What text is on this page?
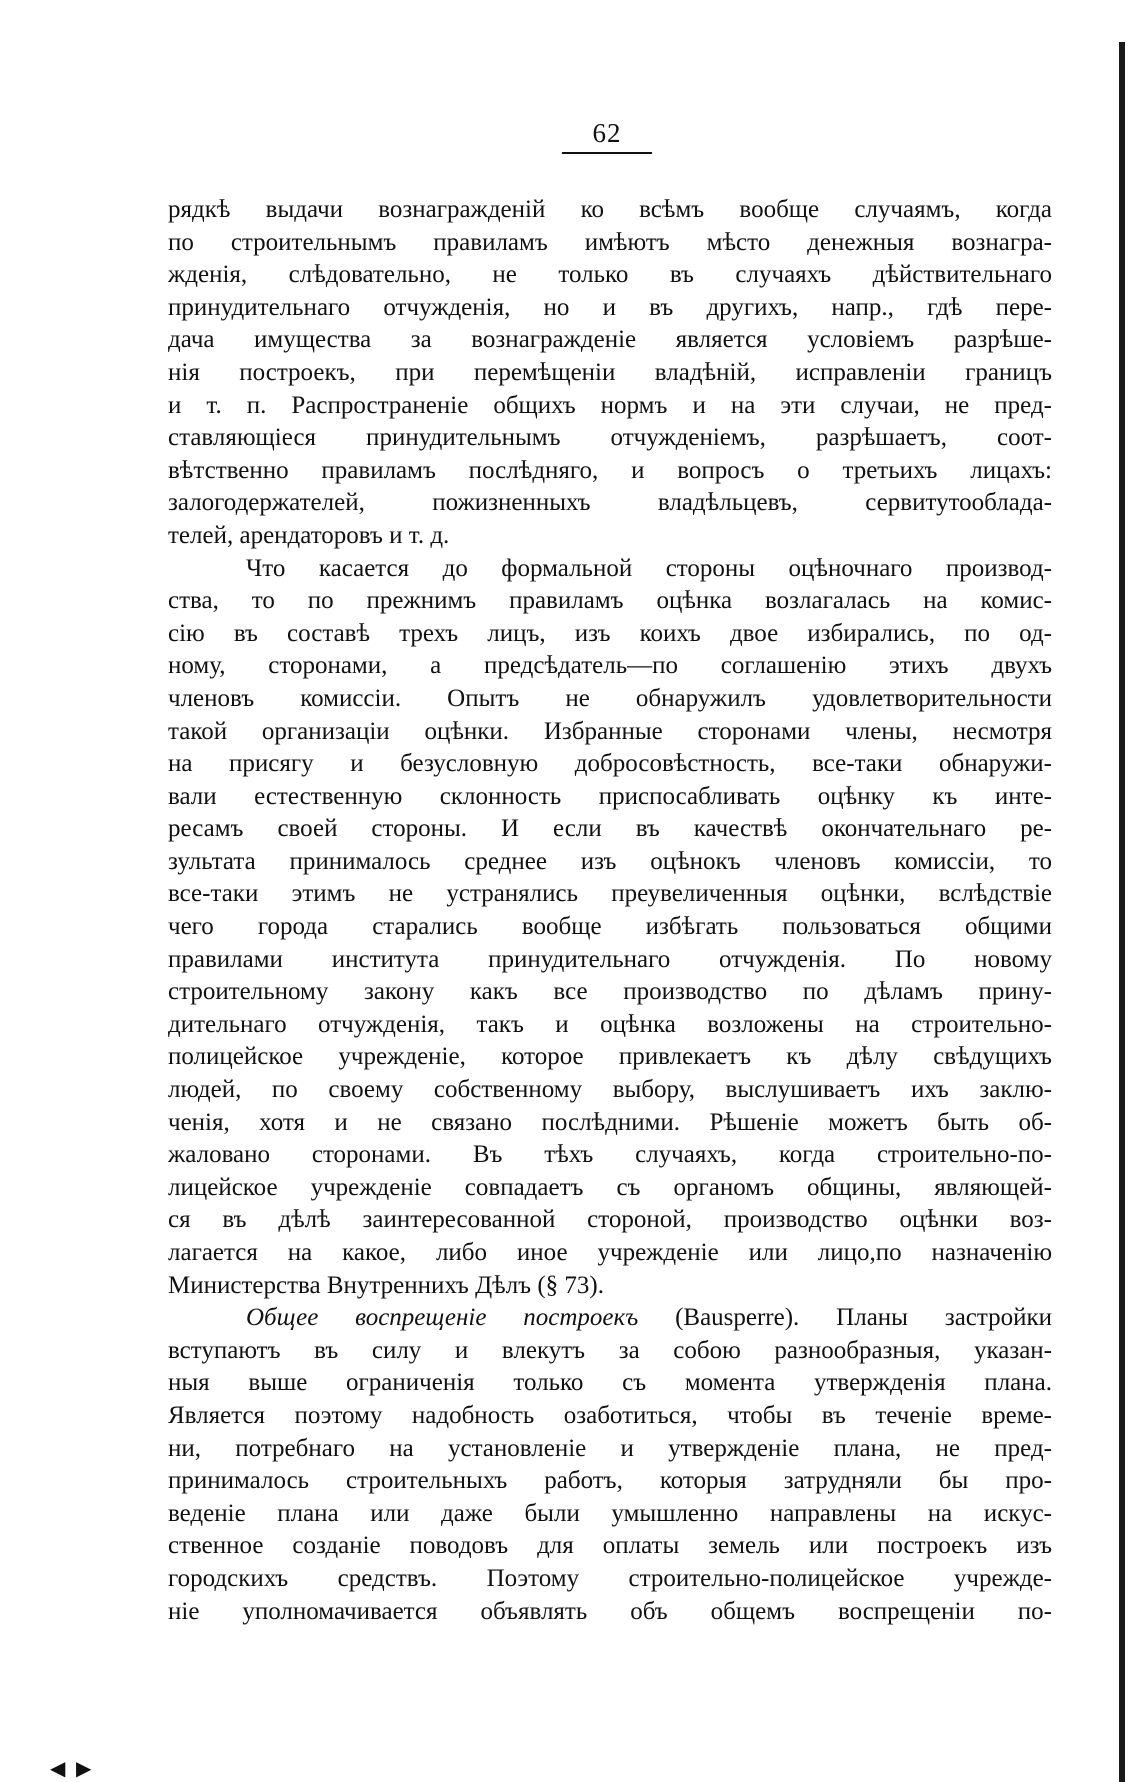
◀ ▶
62
рядкѣ выдачи вознагражденій ко всѣмъ вообще случаямъ, когда
по строительнымъ правиламъ имѣютъ мѣсто денежныя вознагра-
жденія, слѣдовательно, не только въ случаяхъ дѣйствительнаго
принудительнаго отчужденія, но и въ другихъ, напр., гдѣ пере-
дача имущества за вознагражденіе является условіемъ разрѣше-
нія построекъ, при перемѣщеніи владѣній, исправленіи границъ
и т. п. Распространеніе общихъ нормъ и на эти случаи, не пред-
ставляющіеся принудительнымъ отчужденіемъ, разрѣшаетъ, соот-
вѣтственно правиламъ послѣдняго, и вопросъ о третьихъ лицахъ:
залогодержателей, пожизненныхъ владѣльцевъ, сервитутооблада-
телей, арендаторовъ и т. д.
Что касается до формальной стороны оцѣночнаго производ-
ства, то по прежнимъ правиламъ оцѣнка возлагалась на комис-
сію въ составѣ трехъ лицъ, изъ коихъ двое избирались, по од-
ному, сторонами, а предсѣдатель—по соглашенію этихъ двухъ
членовъ комиссіи. Опытъ не обнаружилъ удовлетворительности
такой организаціи оцѣнки. Избранные сторонами члены, несмотря
на присягу и безусловную добросовѣстность, все-таки обнаружи-
вали естественную склонность приспосабливать оцѣнку къ инте-
ресамъ своей стороны. И если въ качествѣ окончательнаго ре-
зультата принималось среднее изъ оцѣнокъ членовъ комиссіи, то
все-таки этимъ не устранялись преувеличенныя оцѣнки, вслѣдствіе
чего города старались вообще избѣгать пользоваться общими
правилами института принудительнаго отчужденія. По новому
строительному закону какъ все производство по дѣламъ прину-
дительнаго отчужденія, такъ и оцѣнка возложены на строительно-
полицейское учрежденіе, которое привлекаетъ къ дѣлу свѣдущихъ
людей, по своему собственному выбору, выслушиваетъ ихъ заклю-
ченія, хотя и не связано послѣдними. Рѣшеніе можетъ быть об-
жаловано сторонами. Въ тѣхъ случаяхъ, когда строительно-по-
лицейское учрежденіе совпадаетъ съ органомъ общины, являющей-
ся въ дѣлѣ заинтересованной стороной, производство оцѣнки воз-
лагается на какое, либо иное учрежденіе или лицо,по назначенію
Министерства Внутреннихъ Дѣлъ (§ 73).
Общее воспрещеніе построекъ (Bausperre). Планы застройки
вступаютъ въ силу и влекутъ за собою разнообразныя, указан-
ныя выше ограниченія только съ момента утвержденія плана.
Является поэтому надобность озаботиться, чтобы въ теченіе време-
ни, потребнаго на установленіе и утвержденіе плана, не пред-
принималось строительныхъ работъ, которыя затрудняли бы про-
веденіе плана или даже были умышленно направлены на искус-
ственное созданіе поводовъ для оплаты земель или построекъ изъ
городскихъ средствъ. Поэтому строительно-полицейское учрежде-
ніе уполномачивается объявлять объ общемъ воспрещеніи по-
